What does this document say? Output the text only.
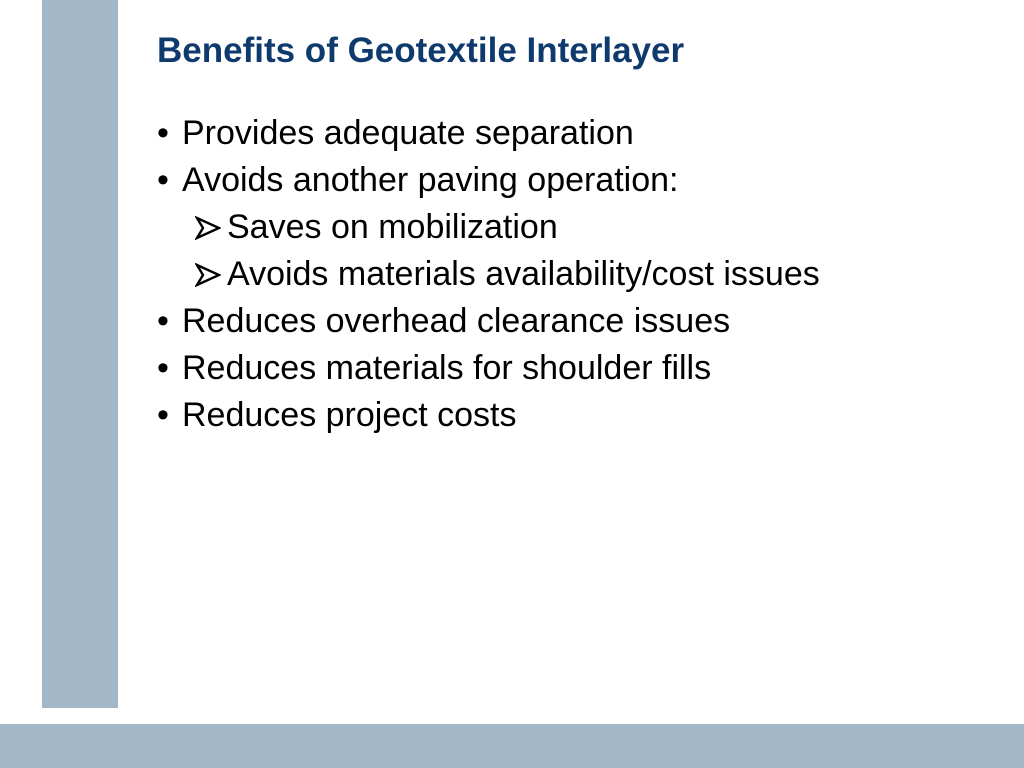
Benefits of Geotextile Interlayer
• Provides adequate separation
• Avoids another paving operation:
Saves on mobilization
Avoids materials availability/cost issues
• Reduces overhead clearance issues
• Reduces materials for shoulder fills
• Reduces project costs
